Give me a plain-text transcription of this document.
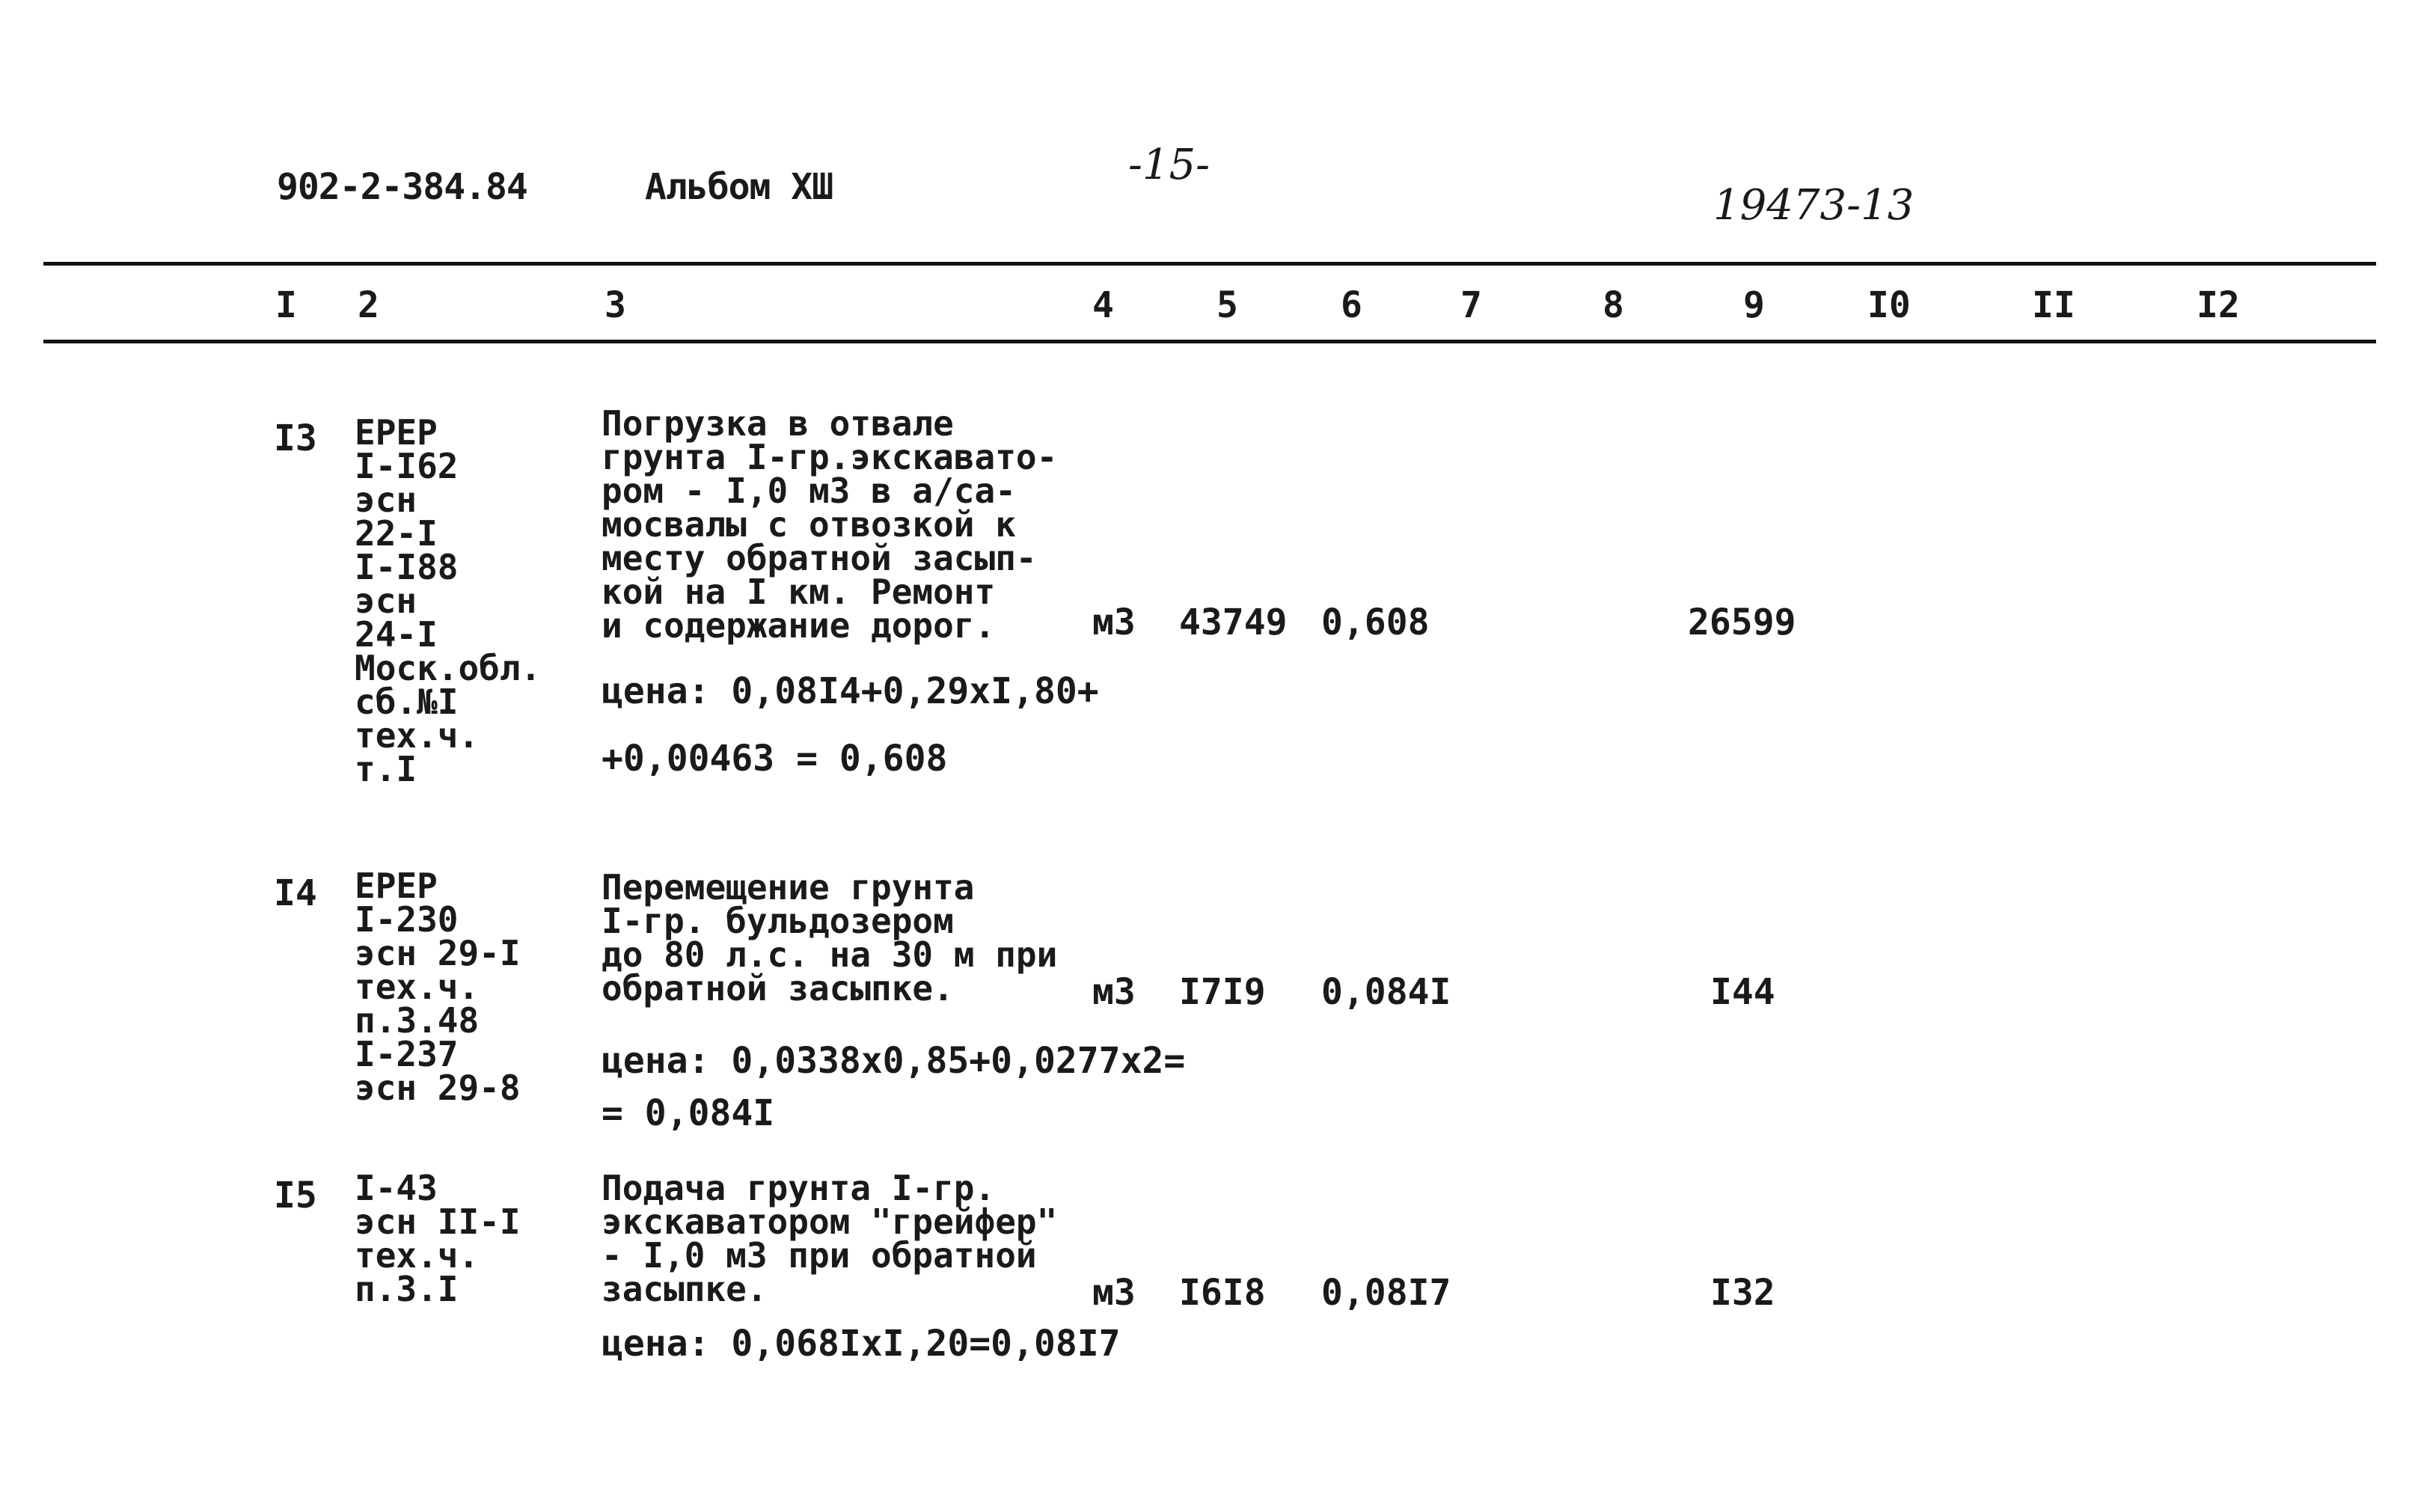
902-2-384.84	Альбом XШ	-15-
19473-13
I 2	3	4	5	6	7	8	9	I0	II	I2
I3 ЕРЕР
I-I62
эсн
22-I
I-I88
эсн
24-I
Моск.обл.
сб.№I
тех.ч.
т.I
Погрузка в отвале
грунта I-гр.экскавато-
ром - I,0 м3 в а/са-
мосвалы с отвозкой к
месту обратной засып-
кой на I км. Ремонт
и содержание дорог.	м3 43749 0,608	26599
цена: 0,08I4+0,29xI,80+
+0,00463 = 0,608
I4 ЕРЕР
I-230
эсн 29-I
тех.ч.
п.3.48
I-237
эсн 29-8
Перемещение грунта
I-гр. бульдозером
до 80 л.с. на 30 м при
обратной засыпке.	м3 I7I9 0,084I	I44
цена: 0,0338x0,85+0,0277x2=
= 0,084I
I5 I-43
эсн II-I
тех.ч.
п.3.I
Подача грунта I-гр.
экскаватором "грейфер"
- I,0 м3 при обратной
засыпке.	м3 I6I8 0,08I7	I32
цена: 0,068IxI,20=0,08I7
